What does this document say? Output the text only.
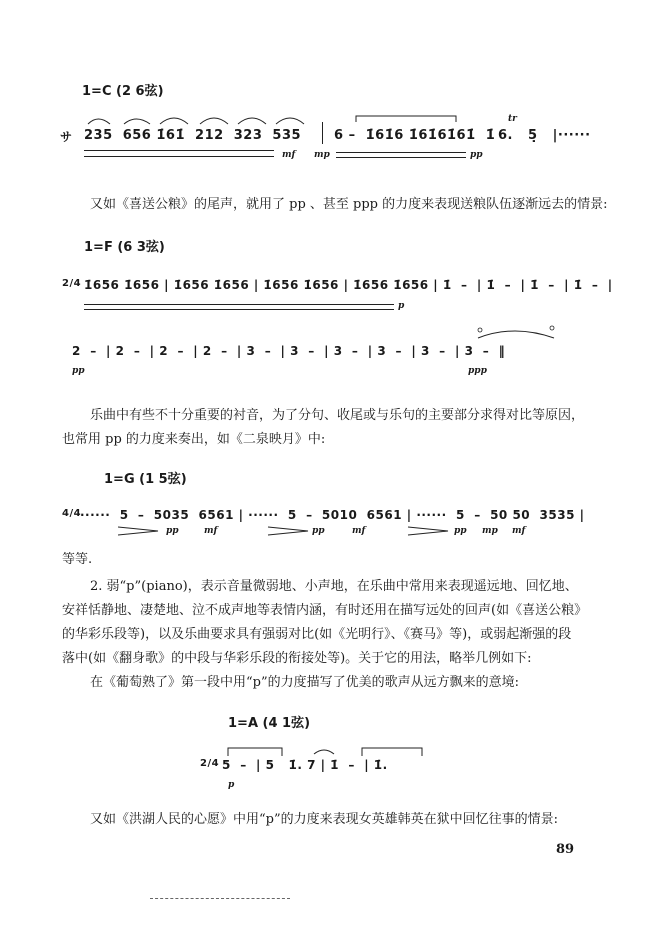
1=C (2 6弦)
サ 235  656 1̇61̇  212  323  535	6 –  1̇61̇6 1̇61̇61̇61̇  1̇ 6.   5̣   |······
tr
mf mp	pp
又如《喜送公粮》的尾声，就用了 pp 、甚至 ppp 的力度来表现送粮队伍逐渐远去的情景:
1=F (6 3弦)
2/4 1̇656 1̇656 | 1̇656 1̇656 | 1̇656 1̇656 | 1̇656 1̇656 | 1̇  –  | 1̇  –  | 1̇  –  | 1̇  –  |
p
2  –  | 2  –  | 2  –  | 2  –  | 3  –  | 3  –  | 3  –  | 3  –  | 3  –  | 3  –  ‖
pp	ppp
乐曲中有些不十分重要的衬音，为了分句、收尾或与乐句的主要部分求得对比等原因，
也常用 pp 的力度来奏出，如《二泉映月》中:
1=G (1 5弦)
4/4
······  5  –  5035  6561 | ······  5  –  5010  6561 | ······  5  –  50 50  3535 |
pp	mf	pp	mf	pp mp mf
等等.
2. 弱“p”(piano)，表示音量微弱地、小声地，在乐曲中常用来表现遥远地、回忆地、
安祥恬静地、凄楚地、泣不成声地等表情内涵，有时还用在描写远处的回声(如《喜送公粮》
的华彩乐段等)，以及乐曲要求具有强弱对比(如《光明行》、《赛马》等)，或弱起渐强的段
落中(如《翻身歌》的中段与华彩乐段的衔接处等)。关于它的用法，略举几例如下:
在《葡萄熟了》第一段中用“p”的力度描写了优美的歌声从远方飘来的意境:
1=A (4 1弦)
2/4 5  –  | 5   1̇. 7 | 1̇  –  | 1̇.
p
又如《洪湖人民的心愿》中用“p”的力度来表现女英雄韩英在狱中回忆往事的情景:
89
